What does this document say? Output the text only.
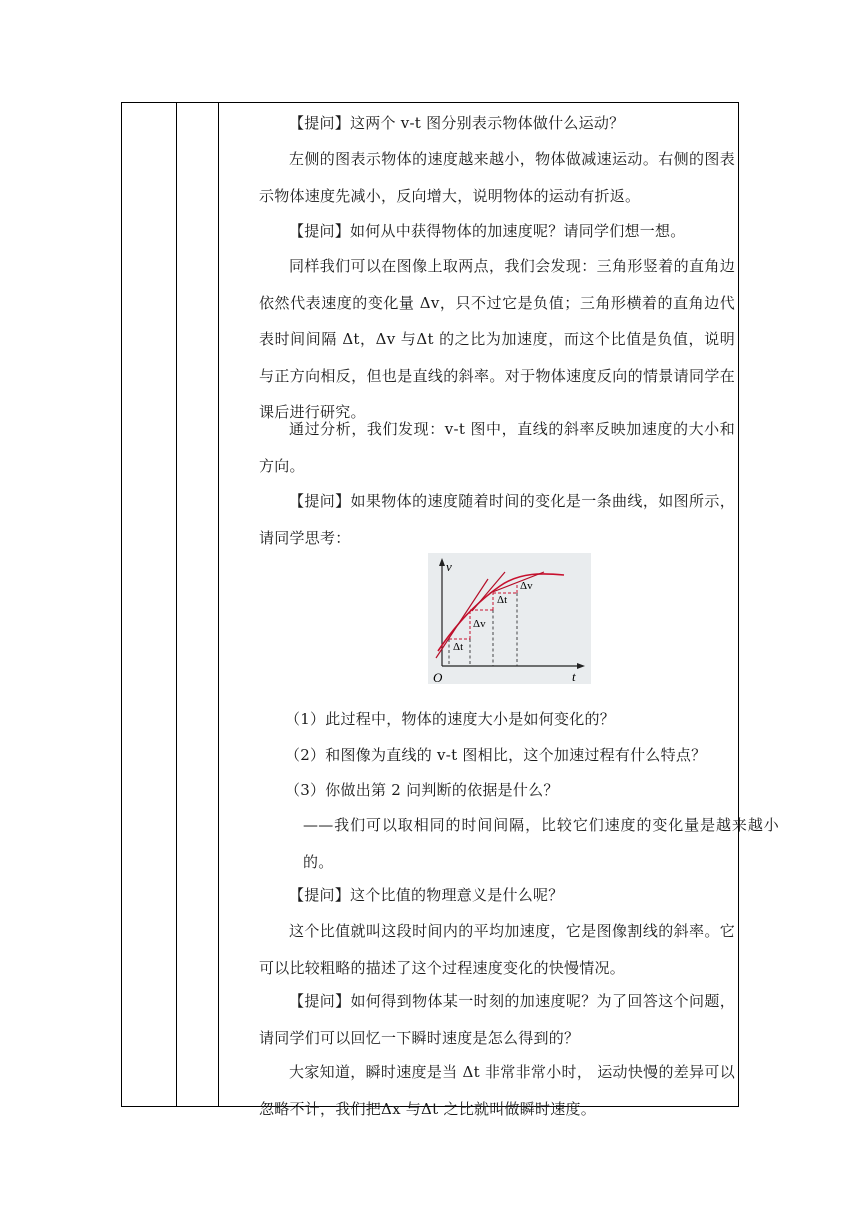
【提问】这两个 v-t 图分别表示物体做什么运动？
左侧的图表示物体的速度越来越小，物体做减速运动。右侧的图表示物体速度先减小，反向增大，说明物体的运动有折返。
【提问】如何从中获得物体的加速度呢？请同学们想一想。
同样我们可以在图像上取两点，我们会发现：三角形竖着的直角边依然代表速度的变化量 Δv，只不过它是负值；三角形横着的直角边代表时间间隔 Δt，Δv 与Δt 的之比为加速度，而这个比值是负值，说明与正方向相反，但也是直线的斜率。对于物体速度反向的情景请同学在课后进行研究。
通过分析，我们发现：v-t 图中，直线的斜率反映加速度的大小和方向。
【提问】如果物体的速度随着时间的变化是一条曲线，如图所示，请同学思考：
v
t
O
Δt
Δv
Δt
Δv
（1）此过程中，物体的速度大小是如何变化的？
（2）和图像为直线的 v-t 图相比，这个加速过程有什么特点？
（3）你做出第 2 问判断的依据是什么？
——我们可以取相同的时间间隔，比较它们速度的变化量是越来越小的。
【提问】这个比值的物理意义是什么呢？
这个比值就叫这段时间内的平均加速度，它是图像割线的斜率。它可以比较粗略的描述了这个过程速度变化的快慢情况。
【提问】如何得到物体某一时刻的加速度呢？为了回答这个问题，请同学们可以回忆一下瞬时速度是怎么得到的？
大家知道，瞬时速度是当 Δt 非常非常小时， 运动快慢的差异可以忽略不计，我们把Δx 与Δt 之比就叫做瞬时速度。
